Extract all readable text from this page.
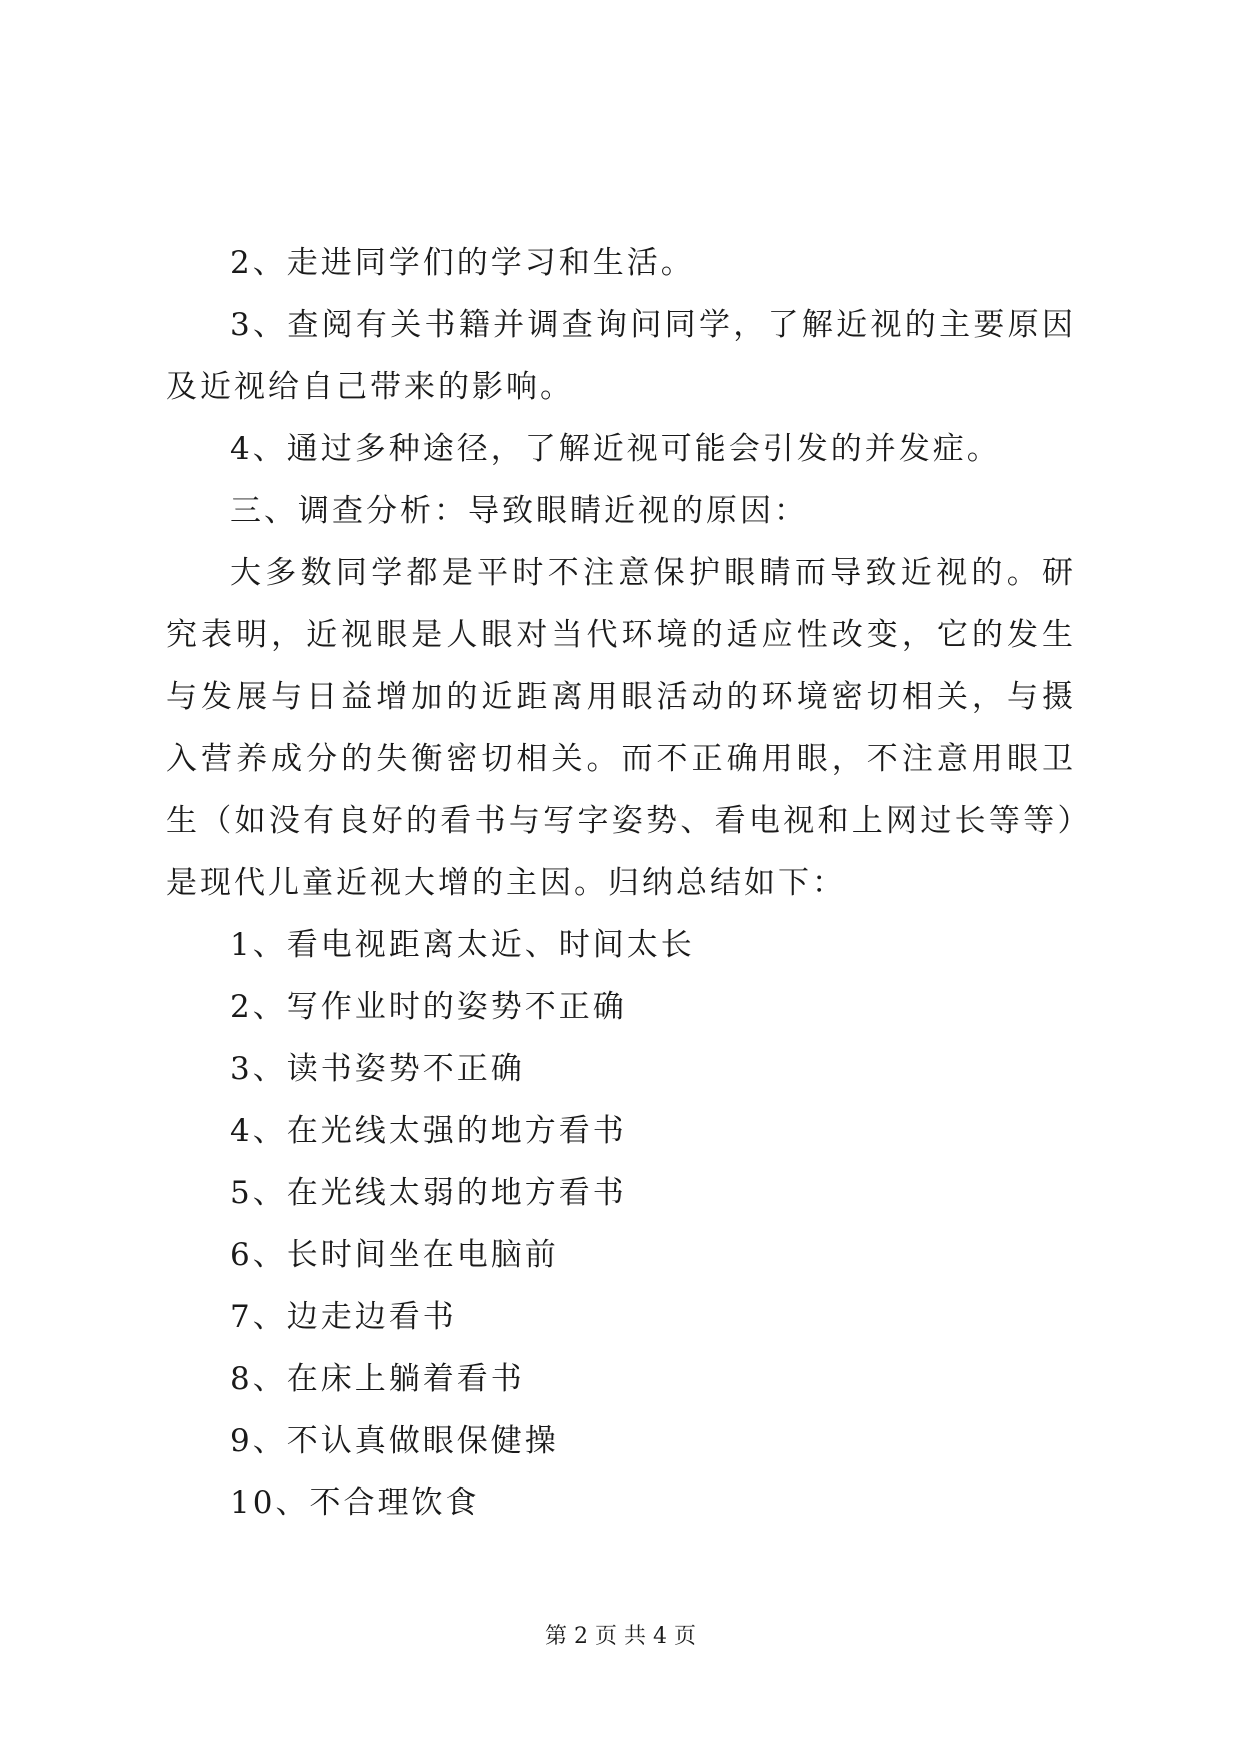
2、走进同学们的学习和生活。

3、查阅有关书籍并调查询问同学，了解近视的主要原因及近视给自己带来的影响。

4、通过多种途径，了解近视可能会引发的并发症。

三、调查分析：导致眼睛近视的原因：

大多数同学都是平时不注意保护眼睛而导致近视的。研究表明，近视眼是人眼对当代环境的适应性改变，它的发生与发展与日益增加的近距离用眼活动的环境密切相关，与摄入营养成分的失衡密切相关。而不正确用眼，不注意用眼卫生（如没有良好的看书与写字姿势、看电视和上网过长等等）是现代儿童近视大增的主因。归纳总结如下：

1、看电视距离太近、时间太长

2、写作业时的姿势不正确

3、读书姿势不正确

4、在光线太强的地方看书

5、在光线太弱的地方看书

6、长时间坐在电脑前

7、边走边看书

8、在床上躺着看书

9、不认真做眼保健操

10、不合理饮食

第 2 页 共 4 页
